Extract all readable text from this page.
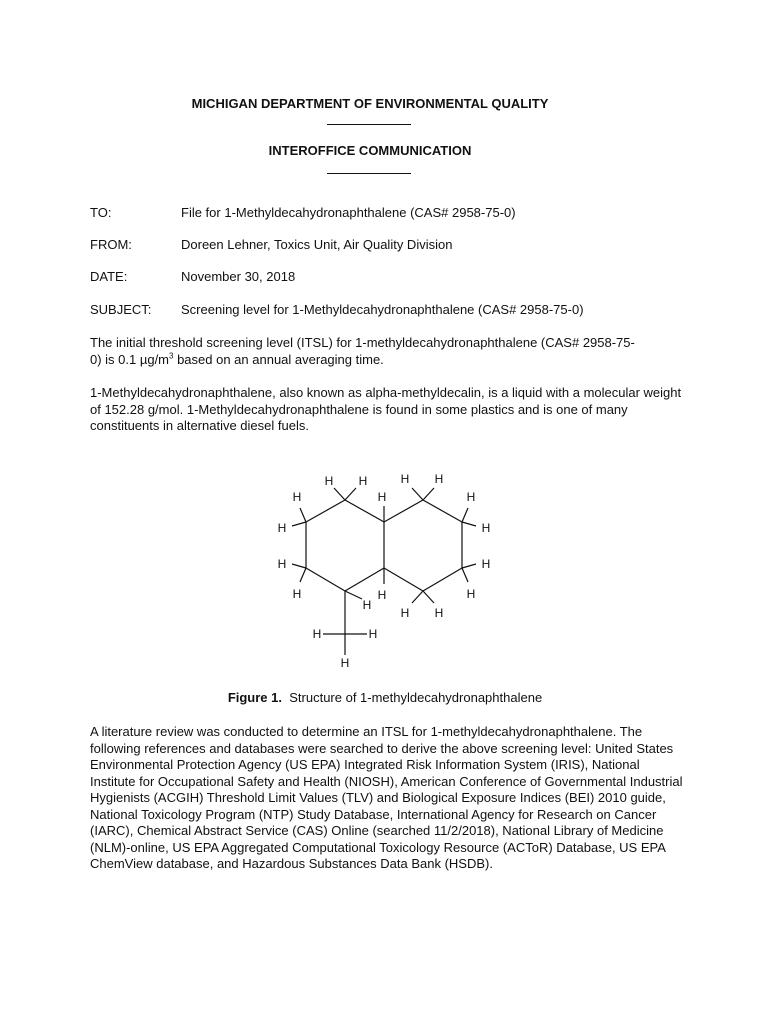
MICHIGAN DEPARTMENT OF ENVIRONMENTAL QUALITY
INTEROFFICE COMMUNICATION
TO:	File for 1-Methyldecahydronaphthalene (CAS# 2958-75-0)
FROM:	Doreen Lehner, Toxics Unit, Air Quality Division
DATE:	November 30, 2018
SUBJECT: Screening level for 1-Methyldecahydronaphthalene (CAS# 2958-75-0)
The initial threshold screening level (ITSL) for 1-methyldecahydronaphthalene (CAS# 2958-75-
0) is 0.1 $\mu g/m^3$ based on an annual averaging time.

1-Methyldecahydronaphthalene, also known as alpha-methyldecalin, is a liquid with a molecular weight of 152.28 g/mol. 1-Methyldecahydronaphthalene is found in some plastics and is one of many constituents in alternative diesel fuels.

H H
H
H H
H
H
H
H
H
H
H
H
H
H
H
H
H	H
H
Figure 1. Structure of 1-methyldecahydronaphthalene

A literature review was conducted to determine an ITSL for 1-methyldecahydronaphthalene. The following references and databases were searched to derive the above screening level: United States Environmental Protection Agency (US EPA) Integrated Risk Information System (IRIS), National Institute for Occupational Safety and Health (NIOSH), American Conference of Governmental Industrial Hygienists (ACGIH) Threshold Limit Values (TLV) and Biological Exposure Indices (BEI) 2010 guide, National Toxicology Program (NTP) Study Database, International Agency for Research on Cancer (IARC), Chemical Abstract Service (CAS) Online (searched 11/2/2018), National Library of Medicine (NLM)-online, US EPA Aggregated Computational Toxicology Resource (ACToR) Database, US EPA ChemView database, and Hazardous Substances Data Bank (HSDB).
